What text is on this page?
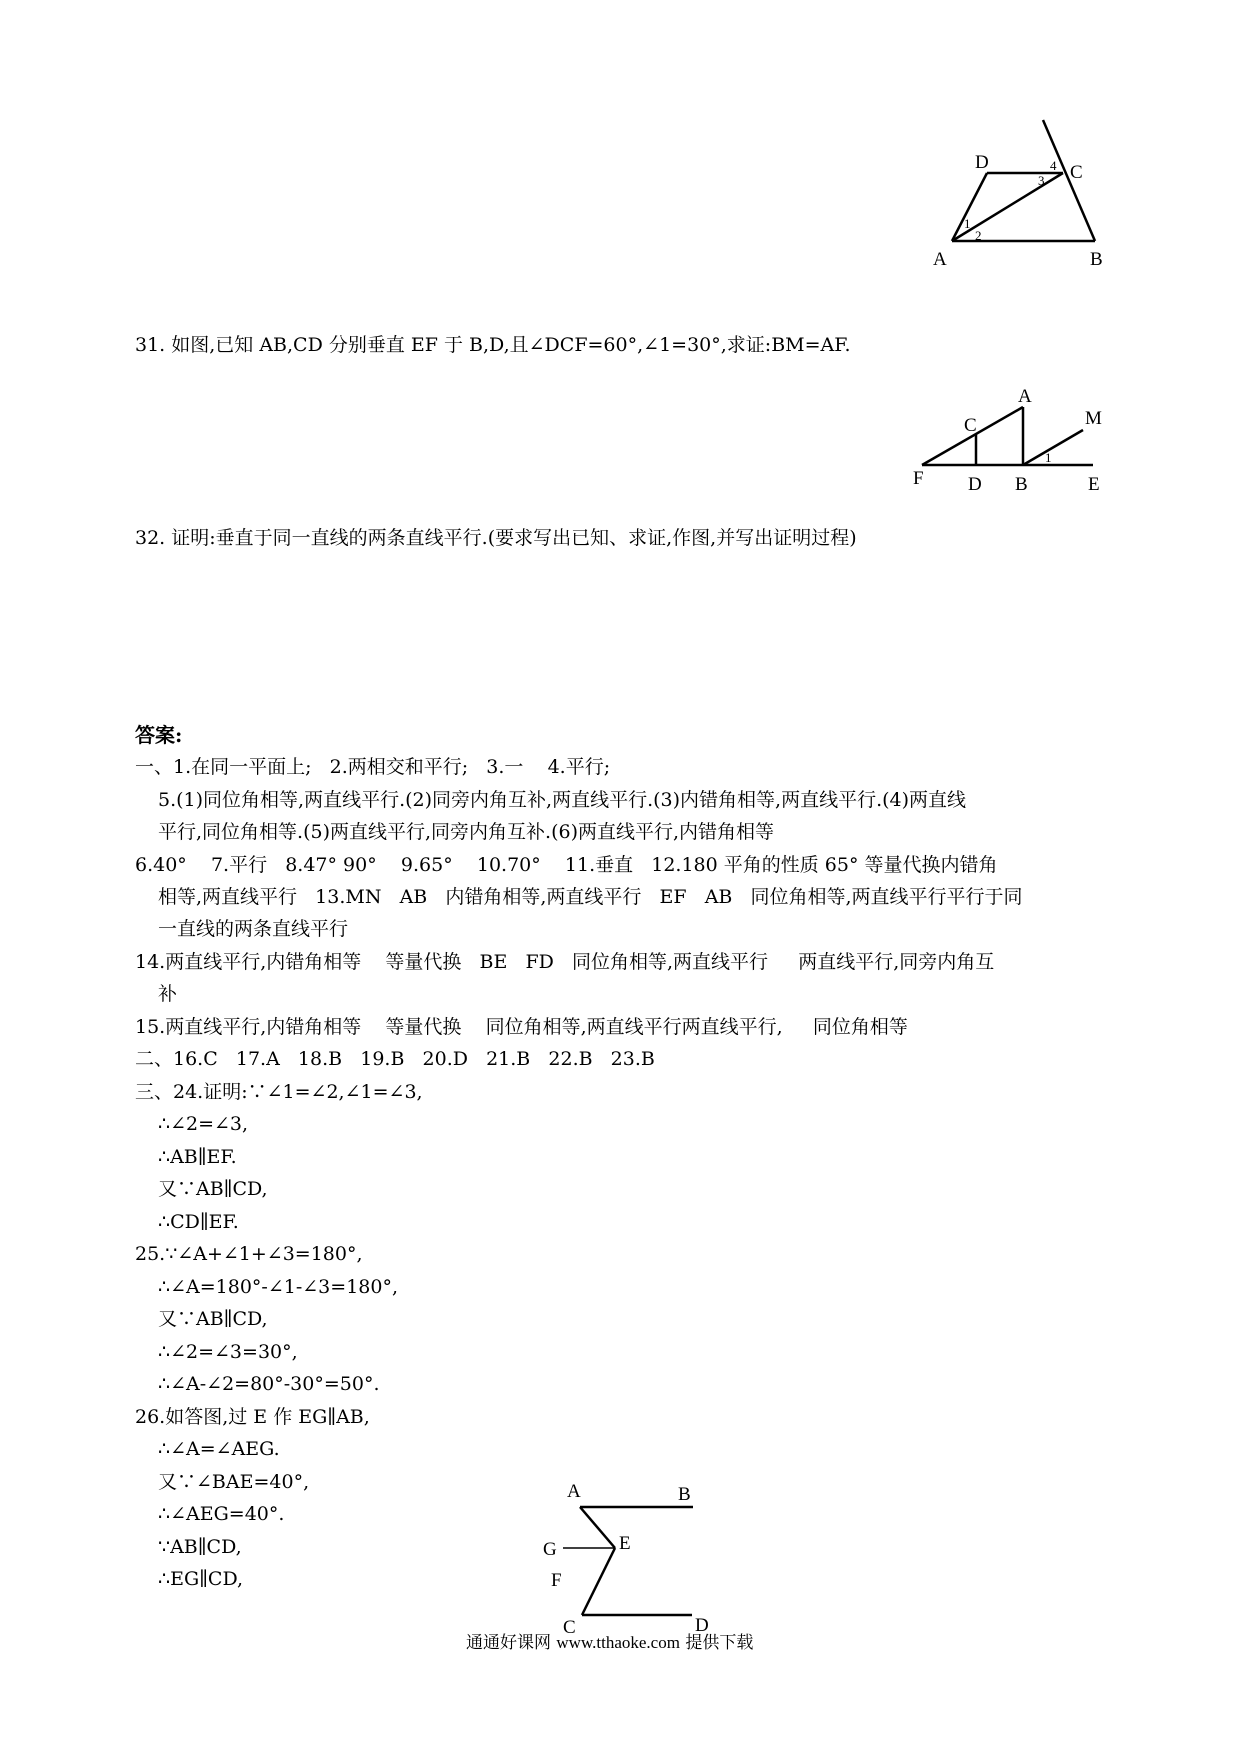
D	C
A	B
1
2
3
4
31. 如图,已知 AB,CD 分别垂直 EF 于 B,D,且∠DCF=60°,∠1=30°,求证:BM=AF.
A
M
C
F D B	E
1
32. 证明:垂直于同一直线的两条直线平行.(要求写出已知、求证,作图,并写出证明过程)
答案:
一、1.在同一平面上;   2.两相交和平行;   3.一    4.平行;
5.(1)同位角相等,两直线平行.(2)同旁内角互补,两直线平行.(3)内错角相等,两直线平行.(4)两直线
平行,同位角相等.(5)两直线平行,同旁内角互补.(6)两直线平行,内错角相等
6.40°    7.平行   8.47° 90°    9.65°    10.70°    11.垂直   12.180 平角的性质 65° 等量代换内错角
相等,两直线平行   13.MN   AB   内错角相等,两直线平行   EF   AB   同位角相等,两直线平行平行于同
一直线的两条直线平行
14.两直线平行,内错角相等    等量代换   BE   FD   同位角相等,两直线平行     两直线平行,同旁内角互
补
15.两直线平行,内错角相等    等量代换    同位角相等,两直线平行两直线平行,     同位角相等
二、16.C   17.A   18.B   19.B   20.D   21.B   22.B   23.B
三、24.证明:∵∠1=∠2,∠1=∠3,
∴∠2=∠3,
∴AB∥EF.
又∵AB∥CD,
∴CD∥EF.
25.∵∠A+∠1+∠3=180°,
∴∠A=180°-∠1-∠3=180°,
又∵AB∥CD,
∴∠2=∠3=30°,
∴∠A-∠2=80°-30°=50°.
26.如答图,过 E 作 EG∥AB,
∴∠A=∠AEG.
又∵∠BAE=40°,
∴∠AEG=40°.
∵AB∥CD,
∴EG∥CD,
A	B
G	E
F
C	D
通通好课网 www.tthaoke.com 提供下载
